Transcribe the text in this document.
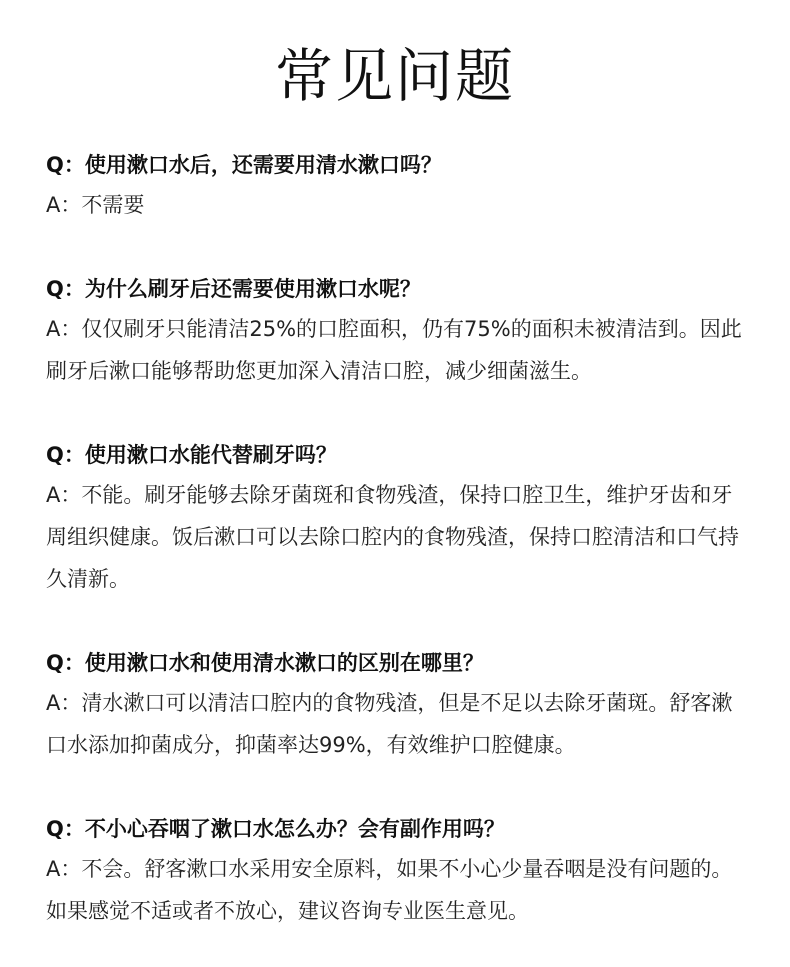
常见问题

Q：使用漱口水后，还需要用清水漱口吗？

A：不需要

Q：为什么刷牙后还需要使用漱口水呢？

A：仅仅刷牙只能清洁25%的口腔面积，仍有75%的面积未被清洁到。因此刷牙后漱口能够帮助您更加深入清洁口腔，减少细菌滋生。

Q：使用漱口水能代替刷牙吗？

A：不能。刷牙能够去除牙菌斑和食物残渣，保持口腔卫生，维护牙齿和牙周组织健康。饭后漱口可以去除口腔内的食物残渣，保持口腔清洁和口气持久清新。

Q：使用漱口水和使用清水漱口的区别在哪里？

A：清水漱口可以清洁口腔内的食物残渣，但是不足以去除牙菌斑。舒客漱口水添加抑菌成分，抑菌率达99%，有效维护口腔健康。

Q：不小心吞咽了漱口水怎么办？会有副作用吗？

A：不会。舒客漱口水采用安全原料，如果不小心少量吞咽是没有问题的。如果感觉不适或者不放心，建议咨询专业医生意见。
